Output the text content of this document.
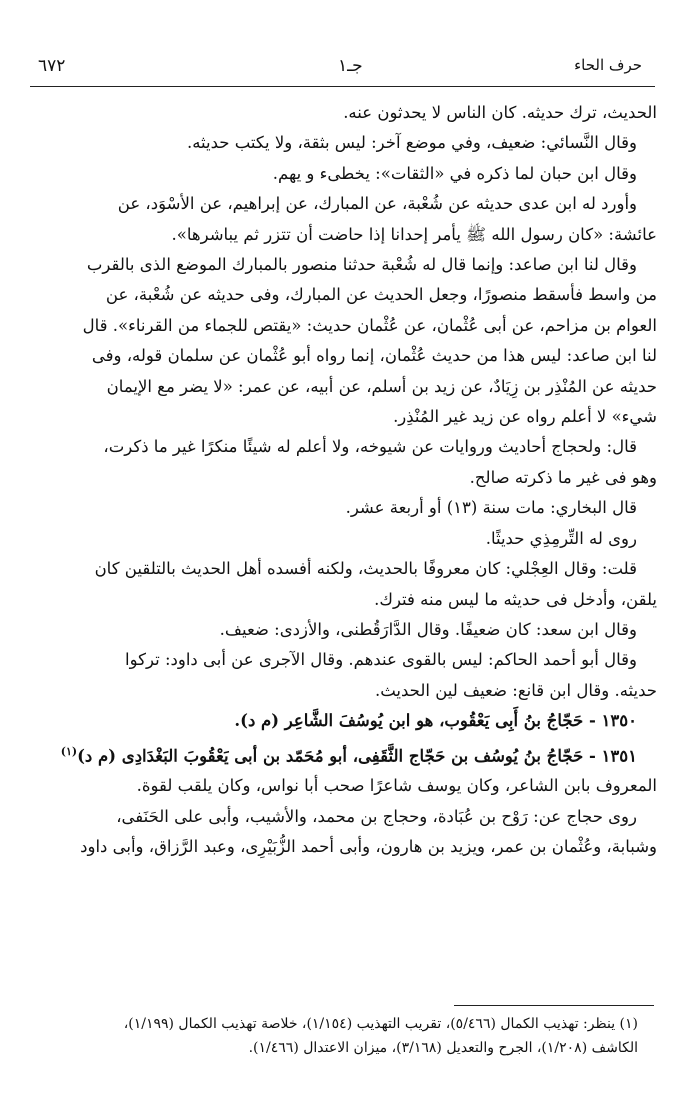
٦٧٢	جـ١	حرف الحاء

الحديث، ترك حديثه. كان الناس لا يحدثون عنه.

وقال النَّسائي: ضعيف، وفي موضع آخر: ليس بثقة، ولا يكتب حديثه.

وقال ابن حبان لما ذكره في «الثقات»: يخطىء و يهم.

وأورد له ابن عدى حديثه عن شُعْبة، عن المبارك، عن إبراهيم، عن الأسْوَد، عن

عائشة: «كان رسول الله ﷺ يأمر إحدانا إذا حاضت أن تتزر ثم يباشرها».

وقال لنا ابن صاعد: وإنما قال له شُعْبة حدثنا منصور بالمبارك الموضع الذى بالقرب

من واسط فأسقط منصورًا، وجعل الحديث عن المبارك، وفى حديثه عن شُعْبة، عن

العوام بن مزاحم، عن أبى عُثْمان، عن عُثْمان حديث: «يقتص للجماء من القرناء». قال

لنا ابن صاعد: ليس هذا من حديث عُثْمان، إنما رواه أبو عُثْمان عن سلمان قوله، وفى

حديثه عن المُنْذِر بن زِيَادٌ، عن زيد بن أسلم، عن أبيه، عن عمر: «لا يضر مع الإيمان

شيء» لا أعلم رواه عن زيد غير المُنْذِر.

قال: ولحجاج أحاديث وروايات عن شيوخه، ولا أعلم له شيئًا منكرًا غير ما ذكرت،

وهو فى غير ما ذكرته صالح.

قال البخاري: مات سنة (١٣) أو أربعة عشر.

روى له التِّرمِذِي حديثًا.

قلت: وقال العِجْلي: كان معروفًا بالحديث، ولكنه أفسده أهل الحديث بالتلقين كان

يلقن، وأدخل فى حديثه ما ليس منه فترك.

وقال ابن سعد: كان ضعيفًا. وقال الدَّارَقُطنى، والأزدى: ضعيف.

وقال أبو أحمد الحاكم: ليس بالقوى عندهم. وقال الآجرى عن أبى داود: تركوا

حديثه. وقال ابن قانع: ضعيف لين الحديث.

١٣٥٠ - حَجّاجُ بنُ أَبِى يَعْقُوب، هو ابن يُوسُفَ الشَّاعِر (م د).

١٣٥١ - حَجّاجُ بنُ يُوسُف بن حَجّاج الثَّقَفِى، أبو مُحَمّد بن أبى يَعْقُوبَ البَغْدَادِى (م د)$^{(١)}$

المعروف بابن الشاعر، وكان يوسف شاعرًا صحب أبا نواس، وكان يلقب لقوة.

روى حجاج عن: رَوْح بن عُبَادة، وحجاج بن محمد، والأشيب، وأبى على الحَنَفى،

وشبابة، وعُثْمان بن عمر، ويزيد بن هارون، وأبى أحمد الزُّبَيْرِى، وعبد الرَّزاق، وأبى داود

(١) ينظر: تهذيب الكمال (٥/٤٦٦)، تقريب التهذيب (١/١٥٤)، خلاصة تهذيب الكمال (١/١٩٩)،
الكاشف (١/٢٠٨)، الجرح والتعديل (٣/١٦٨)، ميزان الاعتدال (١/٤٦٦).
